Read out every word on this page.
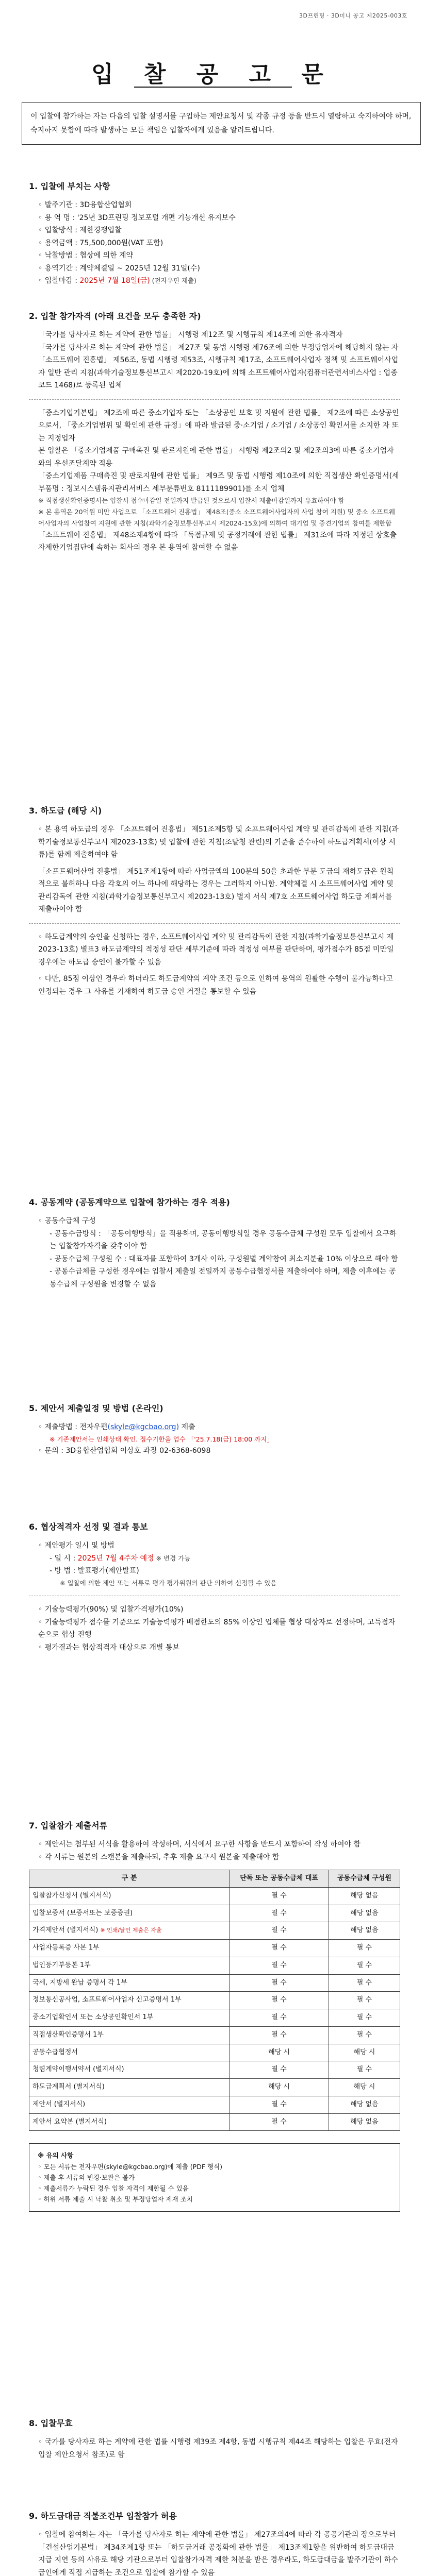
3D프린팅 · 3D미니 공고 제2025-003호
입 찰 공 고 문
이 입찰에 참가하는 자는 다음의 입찰 설명서를 구입하는 제안요청서 및 각종 규정 등을 반드시 열람하고 숙지하여야 하며, 숙지하지 못함에 따라 발생하는 모든 책임은 입찰자에게 있음을 알려드립니다.
1. 입찰에 부치는 사항
◦ 발주기관 : 3D융합산업협회
◦ 용 역 명 : '25년 3D프린팅 정보포털 개편 기능개선 유지보수
◦ 입찰방식 : 제한경쟁입찰
◦ 용역금액 : 75,500,000원(VAT 포함)
◦ 낙찰방법 : 협상에 의한 계약
◦ 용역기간 : 계약체결일 ~ 2025년 12월 31일(수)
◦ 입찰마감 : 2025년 7월 18일(금) (전자우편 제출)
2. 입찰 참가자격 (아래 요건을 모두 충족한 자)
「국가를 당사자로 하는 계약에 관한 법률」 시행령 제12조 및 시행규칙 제14조에 의한 유자격자
「국가를 당사자로 하는 계약에 관한 법률」 제27조 및 동법 시행령 제76조에 의한 부정당업자에 해당하지 않는 자
「소프트웨어 진흥법」 제56조, 동법 시행령 제53조, 시행규칙 제17조, 소프트웨어사업자 정책 및 소프트웨어사업자 일반 관리 지침(과학기술정보통신부고시 제2020-19호)에 의해 소프트웨어사업자(컴퓨터관련서비스사업 : 업종코드 1468)로 등록된 업체
「중소기업기본법」 제2조에 따른 중소기업자 또는 「소상공인 보호 및 지원에 관한 법률」 제2조에 따른 소상공인으로서, 「중소기업범위 및 확인에 관한 규정」에 따라 발급된 중·소기업 / 소기업 / 소상공인 확인서를 소지한 자 또는 지정업자
본 입찰은 「중소기업제품 구매촉진 및 판로지원에 관한 법률」 시행령 제2조의2 및 제2조의3에 따른 중소기업자와의 우선조달계약 적용
「중소기업제품 구매촉진 및 판로지원에 관한 법률」 제9조 및 동법 시행령 제10조에 의한 직접생산 확인증명서(세부품명 : 정보시스템유지관리서비스 세부분류번호 8111189901)를 소지 업체
※ 직접생산확인증명서는 입찰서 접수마감일 전일까지 발급된 것으로서 입찰서 제출마감일까지 유효하여야 함
※ 본 용역은 20억원 미만 사업으로 「소프트웨어 진흥법」 제48조(중소 소프트웨어사업자의 사업 참여 지원) 및 중소 소프트웨어사업자의 사업참여 지원에 관한 지침(과학기술정보통신부고시 제2024-15호)에 의하여 대기업 및 중견기업의 참여를 제한함
「소프트웨어 진흥법」 제48조제4항에 따라 「독점규제 및 공정거래에 관한 법률」 제31조에 따라 지정된 상호출자제한기업집단에 속하는 회사의 경우 본 용역에 참여할 수 없음
3. 하도급 (해당 시)
◦ 본 용역 하도급의 경우 「소프트웨어 진흥법」 제51조제5항 및 소프트웨어사업 계약 및 관리감독에 관한 지침(과학기술정보통신부고시 제2023-13호) 및 입찰에 관한 지침(조달청 관련)의 기준을 준수하여 하도급계획서(이상 서류)를 함께 제출하여야 함
「소프트웨어산업 진흥법」 제51조제1항에 따라 사업금액의 100분의 50을 초과한 부분 도급의 재하도급은 원칙적으로 불허하나 다음 각호의 어느 하나에 해당하는 경우는 그러하지 아니함. 계약체결 시 소프트웨어사업 계약 및 관리감독에 관한 지침(과학기술정보통신부고시 제2023-13호) 별지 서식 제7호 소프트웨어사업 하도급 계획서를 제출하여야 함
◦ 하도급계약의 승인을 신청하는 경우, 소프트웨어사업 계약 및 관리감독에 관한 지침(과학기술정보통신부고시 제2023-13호) 별표3 하도급계약의 적정성 판단 세부기준에 따라 적정성 여부를 판단하며, 평가점수가 85점 미만일 경우에는 하도급 승인이 불가할 수 있음
◦ 다만, 85점 이상인 경우라 하더라도 하도급계약의 계약 조건 등으로 인하여 용역의 원활한 수행이 불가능하다고 인정되는 경우 그 사유를 기재하여 하도급 승인 거절을 통보할 수 있음
4. 공동계약 (공동계약으로 입찰에 참가하는 경우 적용)
◦ 공동수급체 구성
- 공동수급방식 : 「공동이행방식」을 적용하며, 공동이행방식일 경우 공동수급체 구성원 모두 입찰에서 요구하는 입찰참가자격을 갖추어야 함
- 공동수급체 구성원 수 : 대표자를 포함하여 3개사 이하, 구성원별 계약참여 최소지분율 10% 이상으로 해야 함
- 공동수급체를 구성한 경우에는 입찰서 제출일 전일까지 공동수급협정서를 제출하여야 하며, 제출 이후에는 공동수급체 구성원을 변경할 수 없음
5. 제안서 제출일정 및 방법 (온라인)
◦ 제출방법 : 전자우편(skyle@kgcbao.org) 제출
※ 기존제안서는 인쇄상태 확인. 접수기한을 엄수 「'25.7.18(금) 18:00 까지」
◦ 문의 : 3D융합산업협회 이상호 과장 02-6368-6098
6. 협상적격자 선정 및 결과 통보
◦ 제안평가 일시 및 방법
- 일 시 : 2025년 7월 4주차 예정 ※ 변경 가능
- 방 법 : 발표평가(제안발표)
※ 입찰에 의한 제안 또는 서류로 평가 평가위원의 판단 의하여 선정될 수 있음
◦ 기술능력평가(90%) 및 입찰가격평가(10%)
◦ 기술능력평가 점수를 기준으로 기술능력평가 배점한도의 85% 이상인 업체를 협상 대상자로 선정하며, 고득점자 순으로 협상 진행
◦ 평가결과는 협상적격자 대상으로 개별 통보
7. 입찰참가 제출서류
◦ 제안서는 첨부된 서식을 활용하여 작성하며, 서식에서 요구한 사항을 반드시 포함하여 작성 하여야 함
◦ 각 서류는 원본의 스캔본을 제출하되, 추후 제출 요구시 원본을 제출해야 함
구 분	단독 또는 공동수급체 대표	공동수급체 구성원
입찰참가신청서 (별지서식)	필 수	해당 없음
입찰보증서 (보증서또는 보증증권)	필 수	해당 없음
가격제안서 (별지서식) ※ 인쇄/날인 제출은 자율	필 수	해당 없음
사업자등록증 사본 1부	필 수	필 수
법인등기부등본 1부	필 수	필 수
국세, 지방세 완납 증명서 각 1부	필 수	필 수
정보통신공사업, 소프트웨어사업자 신고증명서 1부	필 수	필 수
중소기업확인서 또는 소상공인확인서 1부	필 수	필 수
직접생산확인증명서 1부	필 수	필 수
공동수급협정서	해당 시	해당 시
청렴계약이행서약서 (별지서식)	필 수	필 수
하도급계획서 (별지서식)	해당 시	해당 시
제안서 (별지서식)	필 수	해당 없음
제안서 요약본 (별지서식)	필 수	해당 없음
※ 유의 사항
◦ 모든 서류는 전자우편(skyle@kgcbao.org)에 제출 (PDF 형식)
◦ 제출 후 서류의 변경·보완은 불가
◦ 제출서류가 누락된 경우 입찰 자격이 제한될 수 있음
◦ 허위 서류 제출 시 낙찰 취소 및 부정당업자 제재 조치
8. 입찰무효
◦ 국가를 당사자로 하는 계약에 관한 법률 시행령 제39조 제4항, 동법 시행규칙 제44조 해당하는 입찰은 무효(전자입찰 제안요청서 참조)로 함
9. 하도급대금 직불조건부 입찰참가 허용
◦ 입찰에 참여하는 자는 「국가를 당사자로 하는 계약에 관한 법률」 제27조의4에 따라 각 공공기관의 장으로부터 「건설산업기본법」 제34조제1항 또는 「하도급거래 공정화에 관한 법률」 제13조제1항을 위반하여 하도급대금 지급 지연 등의 사유로 해당 기관으로부터 입찰참가자격 제한 처분을 받은 경우라도, 하도급대금을 발주기관이 하수급인에게 직접 지급하는 조건으로 입찰에 참가할 수 있음
